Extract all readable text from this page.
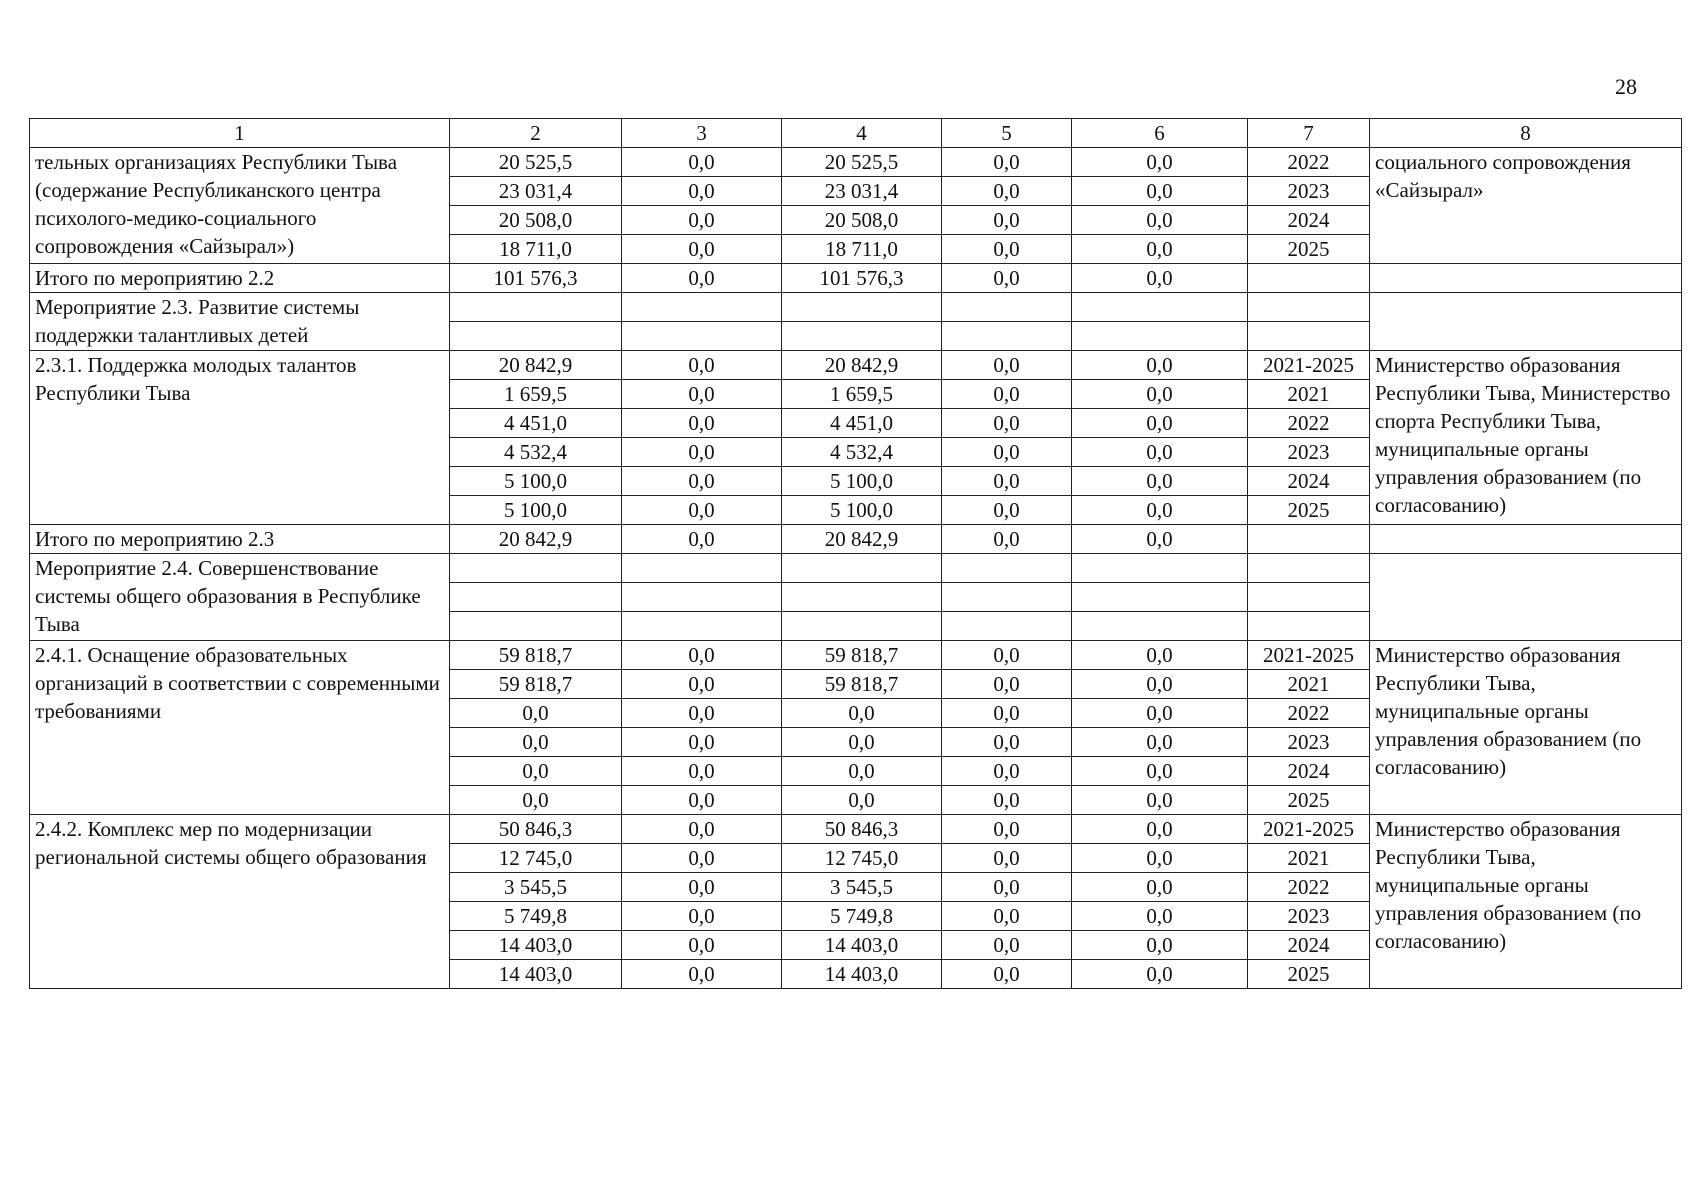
28
1	2	3	4	5	6	7	8
тельных организациях Республики Тыва (содержание Республиканского центра психолого-медико-социального сопровождения «Сайзырал»)	20 525,5	0,0	20 525,5	0,0	0,0	2022	социального сопровождения «Сайзырал»
	23 031,4	0,0	23 031,4	0,0	0,0	2023	
	20 508,0	0,0	20 508,0	0,0	0,0	2024	
	18 711,0	0,0	18 711,0	0,0	0,0	2025	
Итого по мероприятию 2.2	101 576,3	0,0	101 576,3	0,0	0,0		
Мероприятие 2.3. Развитие системы поддержки талантливых детей							

2.3.1. Поддержка молодых талантов Республики Тыва	20 842,9	0,0	20 842,9	0,0	0,0	2021-2025	Министерство образования Республики Тыва, Министерство спорта Республики Тыва, муниципальные органы управления образованием (по согласованию)
	1 659,5	0,0	1 659,5	0,0	0,0	2021	
	4 451,0	0,0	4 451,0	0,0	0,0	2022	
	4 532,4	0,0	4 532,4	0,0	0,0	2023	
	5 100,0	0,0	5 100,0	0,0	0,0	2024	
	5 100,0	0,0	5 100,0	0,0	0,0	2025	
Итого по мероприятию 2.3	20 842,9	0,0	20 842,9	0,0	0,0		
Мероприятие 2.4. Совершенствование системы общего образования в Республике Тыва							

2.4.1. Оснащение образовательных организаций в соответствии с современными требованиями	59 818,7	0,0	59 818,7	0,0	0,0	2021-2025	Министерство образования Республики Тыва, муниципальные органы управления образованием (по согласованию)
	59 818,7	0,0	59 818,7	0,0	0,0	2021	
	0,0	0,0	0,0	0,0	0,0	2022	
	0,0	0,0	0,0	0,0	0,0	2023	
	0,0	0,0	0,0	0,0	0,0	2024	
	0,0	0,0	0,0	0,0	0,0	2025	
2.4.2. Комплекс мер по модернизации региональной системы общего образования	50 846,3	0,0	50 846,3	0,0	0,0	2021-2025	Министерство образования Республики Тыва, муниципальные органы управления образованием (по согласованию)
	12 745,0	0,0	12 745,0	0,0	0,0	2021	
	3 545,5	0,0	3 545,5	0,0	0,0	2022	
	5 749,8	0,0	5 749,8	0,0	0,0	2023	
	14 403,0	0,0	14 403,0	0,0	0,0	2024	
	14 403,0	0,0	14 403,0	0,0	0,0	2025	
